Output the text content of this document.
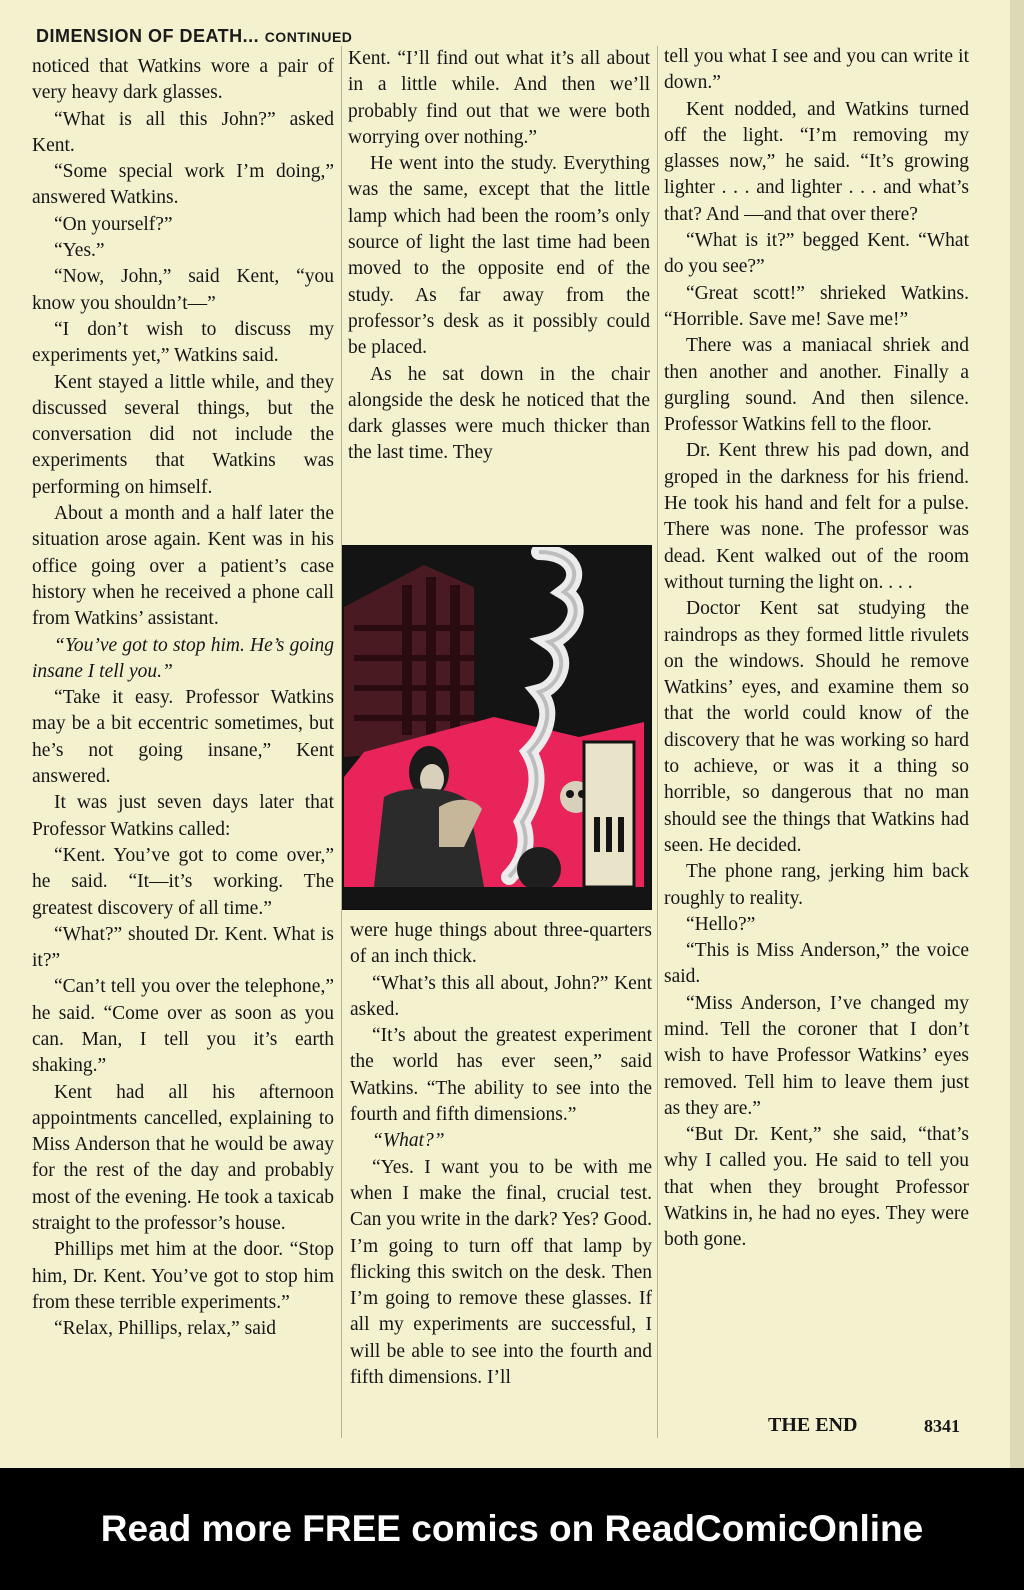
DIMENSION OF DEATH... CONTINUED

noticed that Watkins wore a pair of very heavy dark glasses.

“What is all this John?” asked Kent.

“Some special work I’m doing,” answered Watkins.

“On yourself?”

“Yes.”

“Now, John,” said Kent, “you know you shouldn’t—”

“I don’t wish to discuss my experiments yet,” Watkins said.

Kent stayed a little while, and they discussed several things, but the conversation did not include the experiments that Watkins was performing on himself.

About a month and a half later the situation arose again. Kent was in his office going over a patient’s case history when he received a phone call from Watkins’ assistant.

“You’ve got to stop him. He’s going insane I tell you.”

“Take it easy. Professor Watkins may be a bit eccentric sometimes, but he’s not going insane,” Kent answered.

It was just seven days later that Professor Watkins called:

“Kent. You’ve got to come over,” he said. “It—it’s working. The greatest discovery of all time.”

“What?” shouted Dr. Kent. What is it?”

“Can’t tell you over the telephone,” he said. “Come over as soon as you can. Man, I tell you it’s earth shaking.”

Kent had all his afternoon appointments cancelled, explaining to Miss Anderson that he would be away for the rest of the day and probably most of the evening. He took a taxicab straight to the professor’s house.

Phillips met him at the door. “Stop him, Dr. Kent. You’ve got to stop him from these terrible experiments.”

“Relax, Phillips, relax,” said

Kent. “I’ll find out what it’s all about in a little while. And then we’ll probably find out that we were both worrying over nothing.”

He went into the study. Everything was the same, except that the little lamp which had been the room’s only source of light the last time had been moved to the opposite end of the study. As far away from the professor’s desk as it possibly could be placed.

As he sat down in the chair alongside the desk he noticed that the dark glasses were much thicker than the last time. They

were huge things about three-quarters of an inch thick.

“What’s this all about, John?” Kent asked.

“It’s about the greatest experiment the world has ever seen,” said Watkins. “The ability to see into the fourth and fifth dimensions.”

“What?”

“Yes. I want you to be with me when I make the final, crucial test. Can you write in the dark? Yes? Good. I’m going to turn off that lamp by flicking this switch on the desk. Then I’m going to remove these glasses. If all my experiments are successful, I will be able to see into the fourth and fifth dimensions. I’ll

tell you what I see and you can write it down.”

Kent nodded, and Watkins turned off the light. “I’m removing my glasses now,” he said. “It’s growing lighter . . . and lighter . . . and what’s that? And —and that over there?

“What is it?” begged Kent. “What do you see?”

“Great scott!” shrieked Watkins. “Horrible. Save me! Save me!”

There was a maniacal shriek and then another and another. Finally a gurgling sound. And then silence. Professor Watkins fell to the floor.

Dr. Kent threw his pad down, and groped in the darkness for his friend. He took his hand and felt for a pulse. There was none. The professor was dead. Kent walked out of the room without turning the light on. . . .

Doctor Kent sat studying the raindrops as they formed little rivulets on the windows. Should he remove Watkins’ eyes, and examine them so that the world could know of the discovery that he was working so hard to achieve, or was it a thing so horrible, so dangerous that no man should see the things that Watkins had seen. He decided.

The phone rang, jerking him back roughly to reality.

“Hello?”

“This is Miss Anderson,” the voice said.

“Miss Anderson, I’ve changed my mind. Tell the coroner that I don’t wish to have Professor Watkins’ eyes removed. Tell him to leave them just as they are.”

“But Dr. Kent,” she said, “that’s why I called you. He said to tell you that when they brought Professor Watkins in, he had no eyes. They were both gone.

THE END	8341
Read more FREE comics on ReadComicOnline
